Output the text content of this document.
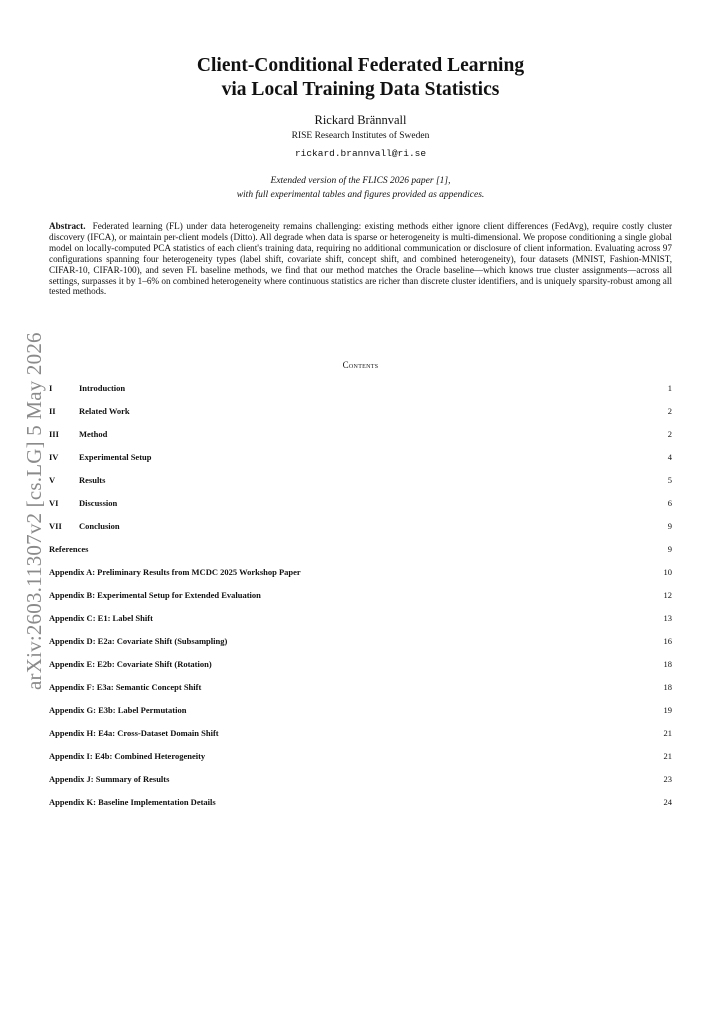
arXiv:2603.11307v2 [cs.LG] 5 May 2026
Client-Conditional Federated Learning
via Local Training Data Statistics
Rickard Brännvall
RISE Research Institutes of Sweden
rickard.brannvall@ri.se
Extended version of the FLICS 2026 paper [1],
with full experimental tables and figures provided as appendices.
Abstract. Federated learning (FL) under data heterogeneity remains challenging: existing methods either ignore client differences (FedAvg), require costly cluster discovery (IFCA), or maintain per-client models (Ditto). All degrade when data is sparse or heterogeneity is multi-dimensional. We propose conditioning a single global model on locally-computed PCA statistics of each client's training data, requiring no additional communication or disclosure of client information. Evaluating across 97 configurations spanning four heterogeneity types (label shift, covariate shift, concept shift, and combined heterogeneity), four datasets (MNIST, Fashion-MNIST, CIFAR-10, CIFAR-100), and seven FL baseline methods, we find that our method matches the Oracle baseline—which knows true cluster assignments—across all settings, surpasses it by 1–6% on combined heterogeneity where continuous statistics are richer than discrete cluster identifiers, and is uniquely sparsity-robust among all tested methods.
Contents
I	Introduction	1
II	Related Work	2
III Method	2
IV Experimental Setup	4
V	Results	5
VI Discussion	6
VII Conclusion	9
References	9
Appendix A: Preliminary Results from MCDC 2025 Workshop Paper	10
Appendix B: Experimental Setup for Extended Evaluation	12
Appendix C: E1: Label Shift	13
Appendix D: E2a: Covariate Shift (Subsampling)	16
Appendix E: E2b: Covariate Shift (Rotation)	18
Appendix F: E3a: Semantic Concept Shift	18
Appendix G: E3b: Label Permutation	19
Appendix H: E4a: Cross-Dataset Domain Shift	21
Appendix I: E4b: Combined Heterogeneity	21
Appendix J: Summary of Results	23
Appendix K: Baseline Implementation Details	24
